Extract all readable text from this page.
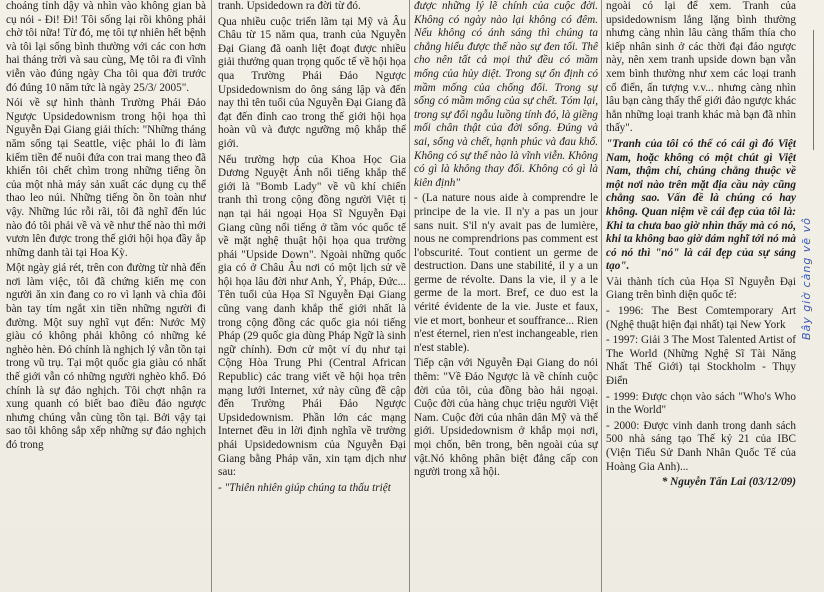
choáng tỉnh dậy và nhìn vào không gian bà cụ nói - Đi! Đi! Tôi sống lại rồi không phải chờ tôi nữa! Từ đó, mẹ tôi tự nhiên hết bệnh và tôi lại sống bình thường với các con hơn hai tháng trời và sau cùng, Mẹ tôi ra đi vĩnh viễn vào đúng ngày Cha tôi qua đời trước đó đúng 10 năm tức là ngày 25/3/ 2005".

Nói về sự hình thành Trường Phái Đảo Ngược Upsidedownism trong hội họa thì Nguyễn Đại Giang giải thích: "Những tháng năm sống tại Seattle, việc phải lo đi làm kiếm tiền để nuôi đứa con trai mang theo đã khiến tôi chết chìm trong những tiếng ồn của một nhà máy sản xuất các dụng cụ thể thao leo núi. Những tiếng ồn ồn toàn như vậy. Những lúc rỗi rãi, tôi đã nghĩ đến lúc nào đó tôi phải về và vẽ như thế nào thì mới vươn lên được trong thế giới hội họa đầy ắp những danh tài tại Hoa Kỳ.

Một ngày giá rét, trên con đường từ nhà đến nơi làm việc, tôi đã chứng kiến mẹ con người ăn xin đang co ro vì lạnh và chìa đôi bàn tay tím ngắt xin tiền những người đi đường. Một suy nghĩ vụt đến: Nước Mỹ giàu có không phải không có những kẻ nghèo hèn. Đó chính là nghịch lý vẫn tồn tại trong vũ trụ. Tại một quốc gia giàu có nhất thế giới vẫn có những người nghèo khổ. Đó chính là sự đảo nghịch. Tôi chợt nhận ra xung quanh có biết bao điều đảo ngược nhưng chúng vẫn cùng tồn tại. Bởi vậy tại sao tôi không sắp xếp những sự đảo nghịch đó trong

tranh. Upsidedown ra đời từ đó.

Qua nhiều cuộc triển lãm tại Mỹ và Âu Châu từ 15 năm qua, tranh của Nguyễn Đại Giang đã oanh liệt đoạt được nhiều giải thưởng quan trọng quốc tế về hội họa qua Trường Phái Đảo Ngược Upsidedownism do ông sáng lập và đến nay thì tên tuổi của Nguyễn Đại Giang đã đạt đến đỉnh cao trong thế giới hội họa hoàn vũ và được ngưỡng mộ khắp thế giới.

Nếu trường hợp của Khoa Học Gia Dương Nguyệt Ánh nổi tiếng khắp thế giới là "Bomb Lady" về vũ khí chiến tranh thì trong cộng đồng người Việt tị nạn tại hải ngoại Họa Sĩ Nguyễn Đại Giang cũng nổi tiếng ở tầm vóc quốc tế về mặt nghệ thuật hội họa qua trường phái "Upside Down". Ngoài những quốc gia có ở Châu Âu nơi có một lịch sử về hội họa lâu đời như Anh, Ý, Pháp, Đức... Tên tuổi của Họa Sĩ Nguyễn Đại Giang cũng vang danh khắp thế giới nhất là trong cộng đồng các quốc gia nói tiếng Pháp (29 quốc gia dùng Pháp Ngữ là sinh ngữ chính). Đơn cử một ví dụ như tại Cộng Hòa Trung Phi (Central African Republic) các trang viết về hội họa trên mạng lưới Internet, xứ này cũng đề cập đến Trường Phái Đảo Ngược Upsidedownism. Phần lớn các mạng Internet đều in lời định nghĩa về trường phái Upsidedownism của Nguyễn Đại Giang bằng Pháp văn, xin tạm dịch như sau:

- "Thiên nhiên giúp chúng ta thấu triệt

được những lý lẽ chính của cuộc đời. Không có ngày nào lại không có đêm. Nếu không có ánh sáng thì chúng ta chẳng hiểu được thế nào sự đen tối. Thế cho nên tất cả mọi thứ đều có mầm mống của hủy diệt. Trong sự ổn định có mầm mống của chống đối. Trong sự sống có mầm mống của sự chết. Tóm lại, trong sự đối ngẫu luồng tính đó, là giềng mối chân thật của đời sống. Đúng và sai, sống và chết, hạnh phúc và đau khổ. Không có sự thế nào là vĩnh viễn. Không có gì là không thay đổi. Không có gì là kiên định"

- (La nature nous aide à comprendre le principe de la vie. Il n'y a pas un jour sans nuit. S'il n'y avait pas de lumière, nous ne comprendrions pas comment est l'obscurité. Tout contient un germe de destruction. Dans une stabilité, il y a un germe de révolte. Dans la vie, il y a le germe de la mort. Bref, ce duo est la vérité évidente de la vie. Juste et faux, vie et mort, bonheur et souffrance... Rien n'est éternel, rien n'est inchangeable, rien n'est stable).

Tiếp cận với Nguyễn Đại Giang do nói thêm: "Về Đảo Ngược là về chính cuộc đời của tôi, của đồng bào hải ngoại. Cuộc đời của hàng chục triệu người Việt Nam. Cuộc đời của nhân dân Mỹ và thế giới. Upsidedownism ở khắp mọi nơi, mọi chốn, bên trong, bên ngoài của sự vật.Nó không phân biệt đẳng cấp con người trong xã hội.

ngoài có lại để xem. Tranh của upsidedownism lắng lặng bình thường nhưng càng nhìn lâu càng thấm thía cho kiếp nhân sinh ở các thời đại đảo ngược này, nên xem tranh upside down bạn vẫn xem bình thường như xem các loại tranh cổ điển, ấn tượng v.v... nhưng càng nhìn lâu bạn càng thấy thế giới đảo ngược khác hẳn những loại tranh khác mà bạn đã nhìn thấy".

"Tranh của tôi có thể có cái gì đó Việt Nam, hoặc không có một chút gì Việt Nam, thậm chí, chúng chẳng thuộc về một nơi nào trên mặt địa cầu này cũng chẳng sao. Vấn đề là chúng có hay không. Quan niệm về cái đẹp của tôi là: Khi ta chưa bao giờ nhìn thấy mà có nó, khi ta không bao giờ dám nghĩ tới nó mà có nó thì "nó" là cái đẹp của sự sáng tạo".

Vài thành tích của Họa Sĩ Nguyễn Đại Giang trên bình diện quốc tế:

- 1996: The Best Comtemporary Art (Nghệ thuật hiện đại nhất) tại New York

- 1997: Giải 3 The Most Talented Artist of The World (Những Nghệ Sĩ Tài Năng Nhất Thế Giới) tại Stockholm - Thụy Điển

- 1999: Được chọn vào sách "Who's Who in the World"

- 2000: Được vinh danh trong danh sách 500 nhà sáng tạo Thế kỷ 21 của IBC (Viện Tiểu Sử Danh Nhân Quốc Tế của Hoàng Gia Anh)...

* Nguyễn Tấn Lai (03/12/09)

Bây giờ càng vẽ vô
